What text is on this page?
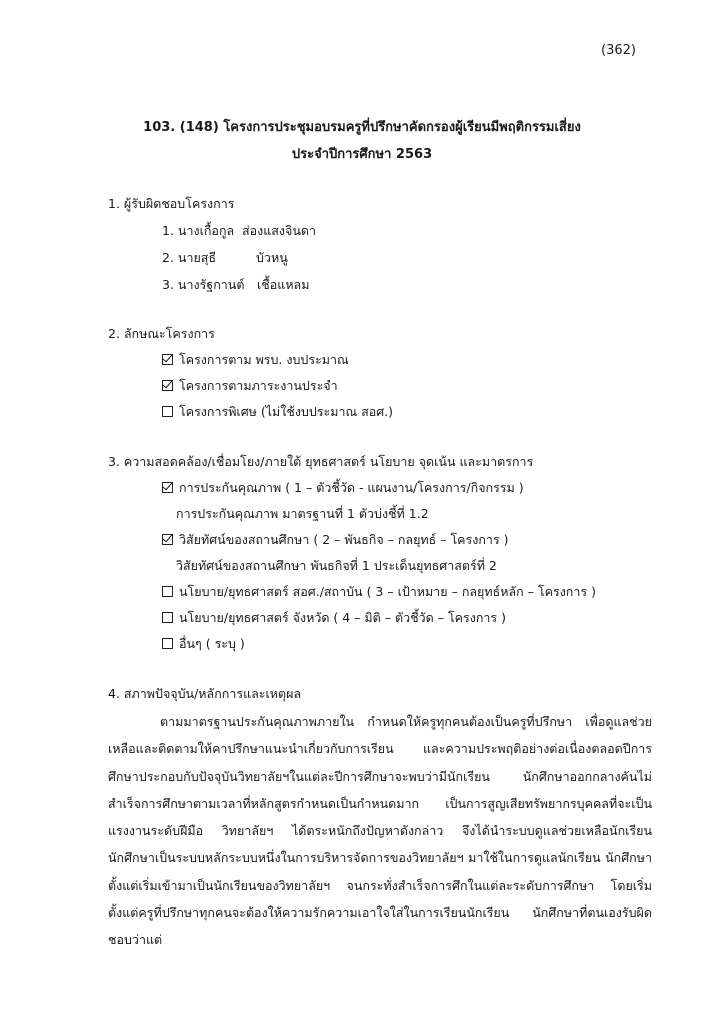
(362)
103. (148) โครงการประชุมอบรมครูที่ปรึกษาคัดกรองผู้เรียนมีพฤติกรรมเสี่ยง
ประจำปีการศึกษา 2563
1. ผู้รับผิดชอบโครงการ
1. นางเกื้อกูล ส่องแสงจินดา
2. นายสุธี	บัวหนู
3. นางรัฐกานต์ เชื้อแหลม
2. ลักษณะโครงการ
โครงการตาม พรบ. งบประมาณ
โครงการตามภาระงานประจำ
โครงการพิเศษ (ไม่ใช้งบประมาณ สอศ.)
3. ความสอดคล้อง/เชื่อมโยง/ภายใต้ ยุทธศาสตร์ นโยบาย จุดเน้น และมาตรการ
การประกันคุณภาพ ( 1 – ตัวชี้วัด - แผนงาน/โครงการ/กิจกรรม )
การประกันคุณภาพ มาตรฐานที่ 1 ตัวบ่งชี้ที่ 1.2
วิสัยทัศน์ของสถานศึกษา ( 2 – พันธกิจ – กลยุทธ์ – โครงการ )
วิสัยทัศน์ของสถานศึกษา พันธกิจที่ 1 ประเด็นยุทธศาสตร์ที่ 2
นโยบาย/ยุทธศาสตร์ สอศ./สถาบัน ( 3 – เป้าหมาย – กลยุทธ์หลัก – โครงการ )
นโยบาย/ยุทธศาสตร์ จังหวัด ( 4 – มิติ – ตัวชี้วัด – โครงการ )
อื่นๆ ( ระบุ )
4. สภาพปัจจุบัน/หลักการและเหตุผล
ตามมาตรฐานประกันคุณภาพภายใน กำหนดให้ครูทุกคนต้องเป็นครูที่ปรึกษา เพื่อดูแลช่วยเหลือและติดตามให้คาปรึกษาแนะนำเกี่ยวกับการเรียน และความประพฤติอย่างต่อเนื่องตลอดปีการศึกษาประกอบกับปัจจุบันวิทยาลัยฯในแต่ละปีการศึกษาจะพบว่ามีนักเรียน นักศึกษาออกกลางคันไม่สำเร็จการศึกษาตามเวลาที่หลักสูตรกำหนดเป็นกำหนดมาก เป็นการสูญเสียทรัพยากรบุคคลที่จะเป็นแรงงานระดับฝีมือ วิทยาลัยฯ ได้ตระหนักถึงปัญหาดังกล่าว จึงได้นำระบบดูแลช่วยเหลือนักเรียนนักศึกษาเป็นระบบหลักระบบหนึ่งในการบริหารจัดการของวิทยาลัยฯ มาใช้ในการดูแลนักเรียน นักศึกษาตั้งแต่เริ่มเข้ามาเป็นนักเรียนของวิทยาลัยฯ จนกระทั่งสำเร็จการศึกในแต่ละระดับการศึกษา โดยเริ่มตั้งแต่ครูที่ปรึกษาทุกคนจะต้องให้ความรักความเอาใจใส่ในการเรียนนักเรียน นักศึกษาที่ตนเองรับผิดชอบว่าแต่
